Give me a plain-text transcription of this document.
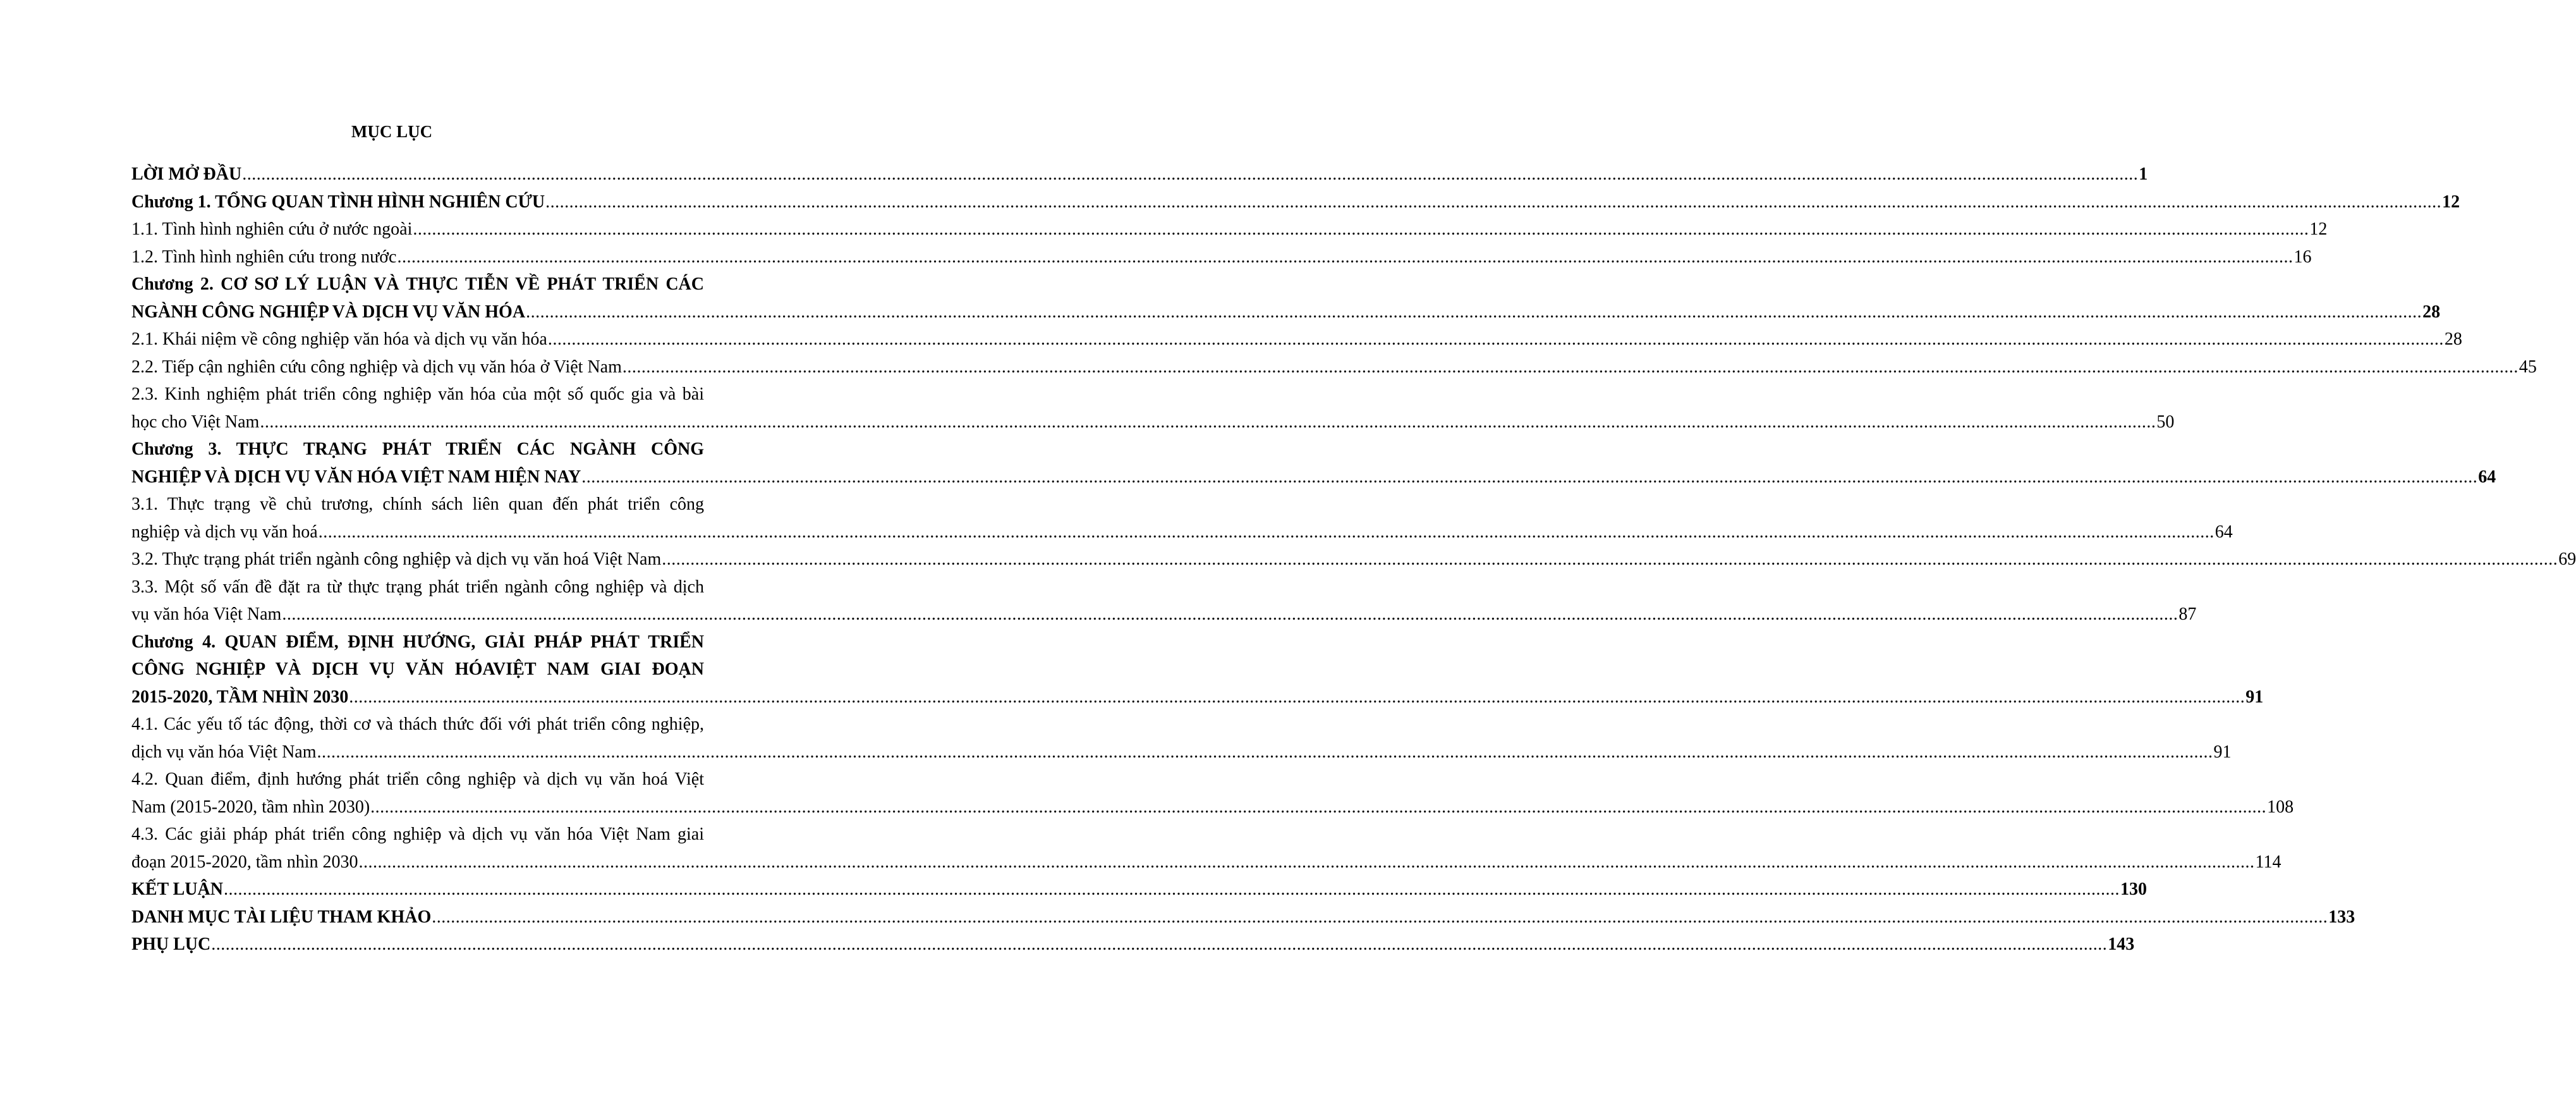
MỤC LỤC
LỜI MỞ ĐẦU ................................................................................................................................................................................................................................................................................................................................................................................................................ 1
Chương 1. TỔNG QUAN TÌNH HÌNH NGHIÊN CỨU ................................................................................................................................................................................................................................................................................................................................................................................................................ 12
1.1. Tình hình nghiên cứu ở nước ngoài ................................................................................................................................................................................................................................................................................................................................................................................................................ 12
1.2. Tình hình nghiên cứu trong nước ................................................................................................................................................................................................................................................................................................................................................................................................................ 16
Chương 2. CƠ SƠ LÝ LUẬN VÀ THỰC TIỄN VỀ PHÁT TRIỂN CÁC
NGÀNH CÔNG NGHIỆP VÀ DỊCH VỤ VĂN HÓA ................................................................................................................................................................................................................................................................................................................................................................................................................ 28
2.1. Khái niệm về công nghiệp văn hóa và dịch vụ văn hóa ................................................................................................................................................................................................................................................................................................................................................................................................................ 28
2.2. Tiếp cận nghiên cứu công nghiệp và dịch vụ văn hóa ở Việt Nam ................................................................................................................................................................................................................................................................................................................................................................................................................ 45
2.3. Kinh nghiệm phát triển công nghiệp văn hóa của một số quốc gia và bài
học cho Việt Nam ................................................................................................................................................................................................................................................................................................................................................................................................................ 50
Chương 3. THỰC TRẠNG PHÁT TRIỂN CÁC NGÀNH CÔNG
NGHIỆP VÀ DỊCH VỤ VĂN HÓA VIỆT NAM HIỆN NAY ................................................................................................................................................................................................................................................................................................................................................................................................................ 64
3.1. Thực trạng về chủ trương, chính sách liên quan đến phát triển công
nghiệp và dịch vụ văn hoá ................................................................................................................................................................................................................................................................................................................................................................................................................ 64
3.2. Thực trạng phát triển ngành công nghiệp và dịch vụ văn hoá Việt Nam ................................................................................................................................................................................................................................................................................................................................................................................................................ 69
3.3. Một số vấn đề đặt ra từ thực trạng phát triển ngành công nghiệp và dịch
vụ văn hóa Việt Nam ................................................................................................................................................................................................................................................................................................................................................................................................................ 87
Chương 4. QUAN ĐIỂM, ĐỊNH HƯỚNG, GIẢI PHÁP PHÁT TRIỂN
CÔNG NGHIỆP VÀ DỊCH VỤ VĂN HÓAVIỆT NAM GIAI ĐOẠN
2015-2020, TẦM NHÌN 2030 ................................................................................................................................................................................................................................................................................................................................................................................................................ 91
4.1. Các yếu tố tác động, thời cơ và thách thức đối với phát triển công nghiệp,
dịch vụ văn hóa Việt Nam ................................................................................................................................................................................................................................................................................................................................................................................................................ 91
4.2. Quan điểm, định hướng phát triển công nghiệp và dịch vụ văn hoá Việt
Nam (2015-2020, tầm nhìn 2030) ................................................................................................................................................................................................................................................................................................................................................................................................................ 108
4.3. Các giải pháp phát triển công nghiệp và dịch vụ văn hóa Việt Nam giai
đoạn 2015-2020, tầm nhìn 2030 ................................................................................................................................................................................................................................................................................................................................................................................................................ 114
KẾT LUẬN ................................................................................................................................................................................................................................................................................................................................................................................................................ 130
DANH MỤC TÀI LIỆU THAM KHẢO ................................................................................................................................................................................................................................................................................................................................................................................................................ 133
PHỤ LỤC ................................................................................................................................................................................................................................................................................................................................................................................................................ 143
